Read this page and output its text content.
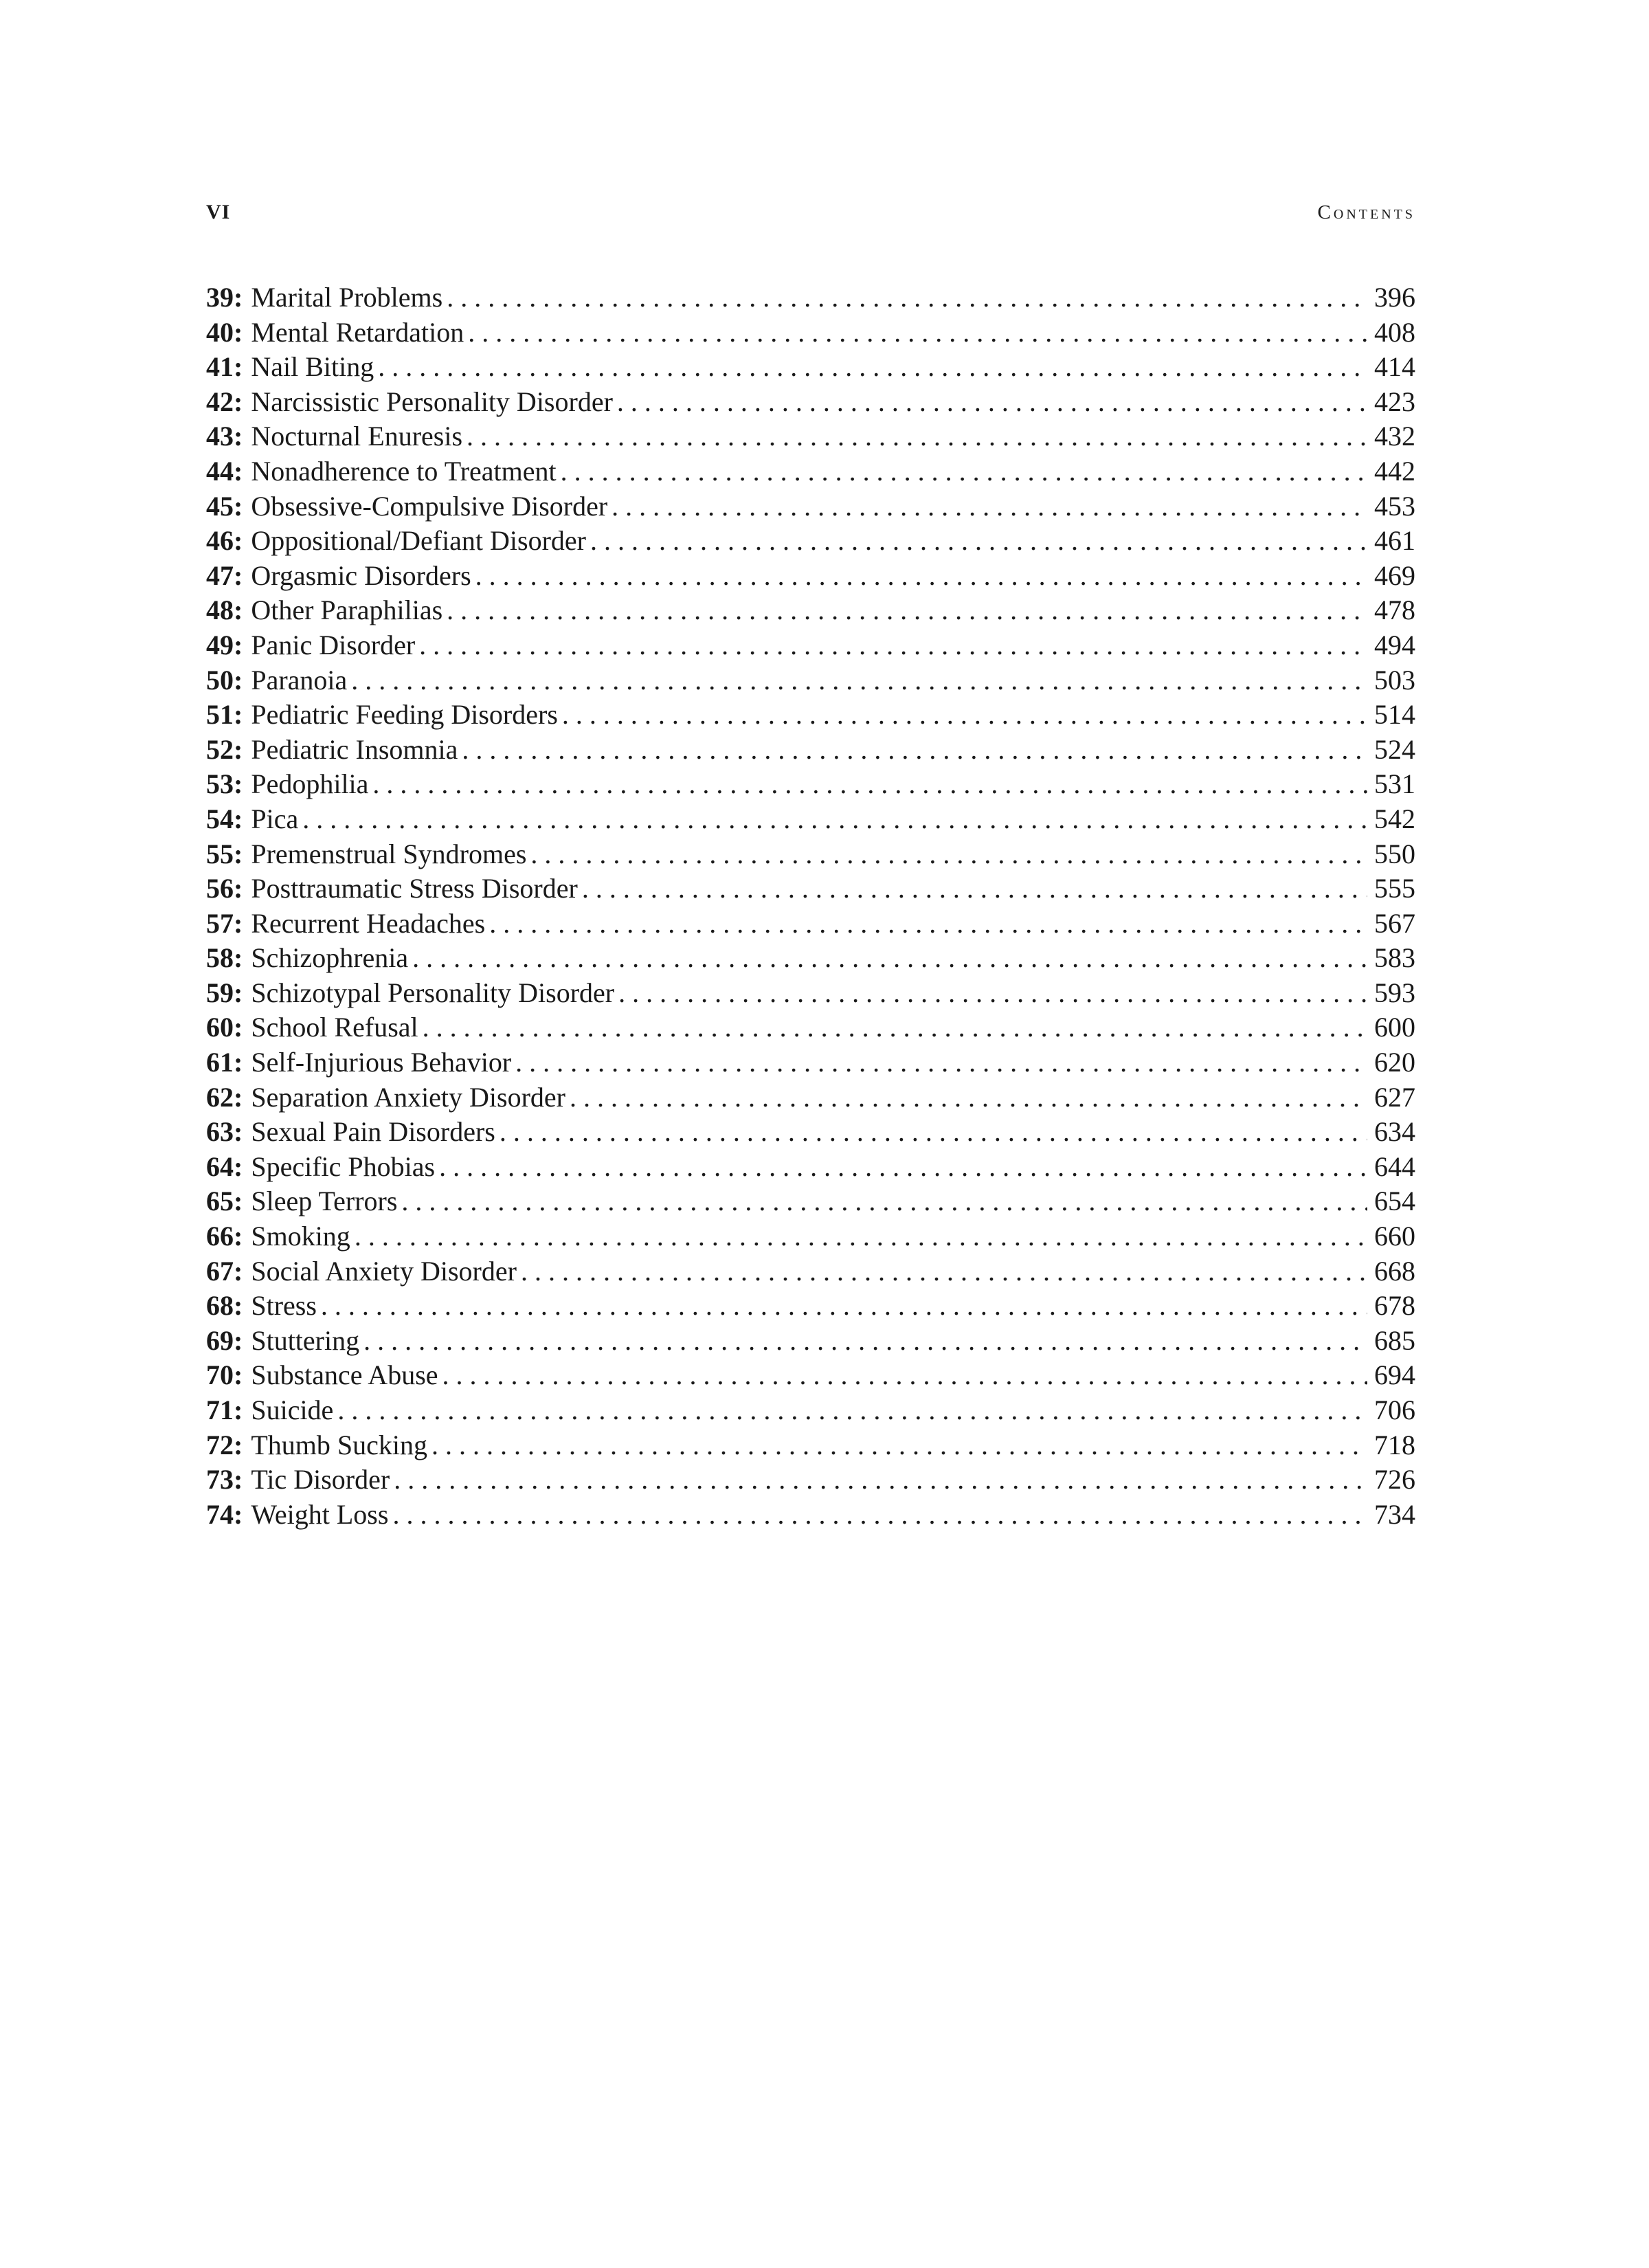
VI	Contents
39: Marital Problems . . .	396
40: Mental Retardation . . .	408
41: Nail Biting . . .	414
42: Narcissistic Personality Disorder . . .	423
43: Nocturnal Enuresis . . .	432
44: Nonadherence to Treatment . . .	442
45: Obsessive-Compulsive Disorder . . .	453
46: Oppositional/Defiant Disorder . . .	461
47: Orgasmic Disorders . . .	469
48: Other Paraphilias . . .	478
49: Panic Disorder . . .	494
50: Paranoia . . .	503
51: Pediatric Feeding Disorders . . .	514
52: Pediatric Insomnia . . .	524
53: Pedophilia . . .	531
54: Pica . . .	542
55: Premenstrual Syndromes . . .	550
56: Posttraumatic Stress Disorder . . .	555
57: Recurrent Headaches . . .	567
58: Schizophrenia . . .	583
59: Schizotypal Personality Disorder . . .	593
60: School Refusal . . .	600
61: Self-Injurious Behavior . . .	620
62: Separation Anxiety Disorder . . .	627
63: Sexual Pain Disorders . . .	634
64: Specific Phobias . . .	644
65: Sleep Terrors . . .	654
66: Smoking . . .	660
67: Social Anxiety Disorder . . .	668
68: Stress . . .	678
69: Stuttering . . .	685
70: Substance Abuse . . .	694
71: Suicide . . .	706
72: Thumb Sucking . . .	718
73: Tic Disorder . . .	726
74: Weight Loss . . .	734
